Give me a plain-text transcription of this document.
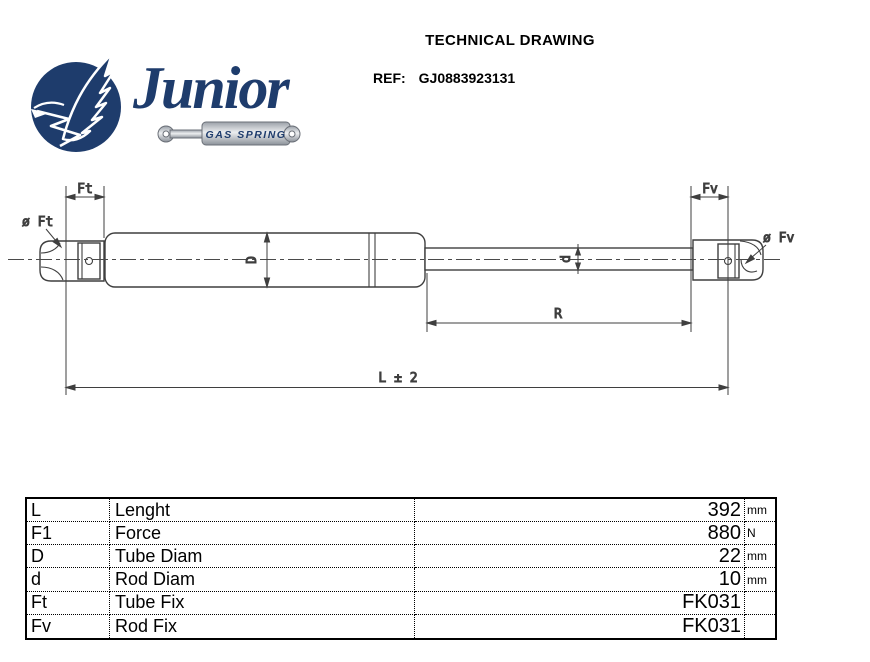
Junior
GAS SPRING
TECHNICAL DRAWING
REF: GJ0883923131
Ft	Fv
D	d
R
L ± 2
ø Ft
ø Fv
L	Lenght	392 mm
F1	Force	880 N
D	Tube Diam	22 mm
d	Rod Diam	10 mm
Ft	Tube Fix	FK031
Fv	Rod Fix	FK031
